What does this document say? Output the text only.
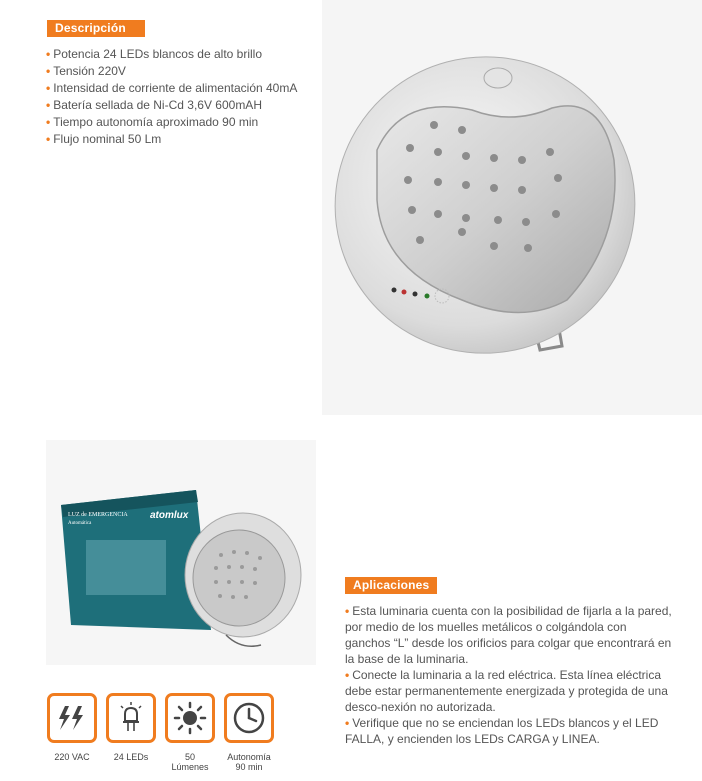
Descripción
• Potencia 24 LEDs blancos de alto brillo
• Tensión 220V
• Intensidad de corriente de alimentación 40mA
• Batería sellada de Ni-Cd 3,6V 600mAH
• Tiempo autonomía aproximado 90 min
• Flujo nominal 50 Lm
LUZ de EMERGENCIA
Automática
atomlux
220 VAC	24 LEDs	50
Lúmenes
Autonomía
90 min
Aplicaciones
• Esta luminaria cuenta con la posibilidad de fijarla a la pared, por medio de los muelles metálicos o colgándola con ganchos “L” desde los orificios para colgar que encontrará en la base de la luminaria.
• Conecte la luminaria a la red eléctrica. Esta línea eléctrica debe estar permanentemente energizada y protegida de una desco-nexión no autorizada.
• Verifique que no se enciendan los LEDs blancos y el LED FALLA, y encienden los LEDs CARGA y LINEA.
